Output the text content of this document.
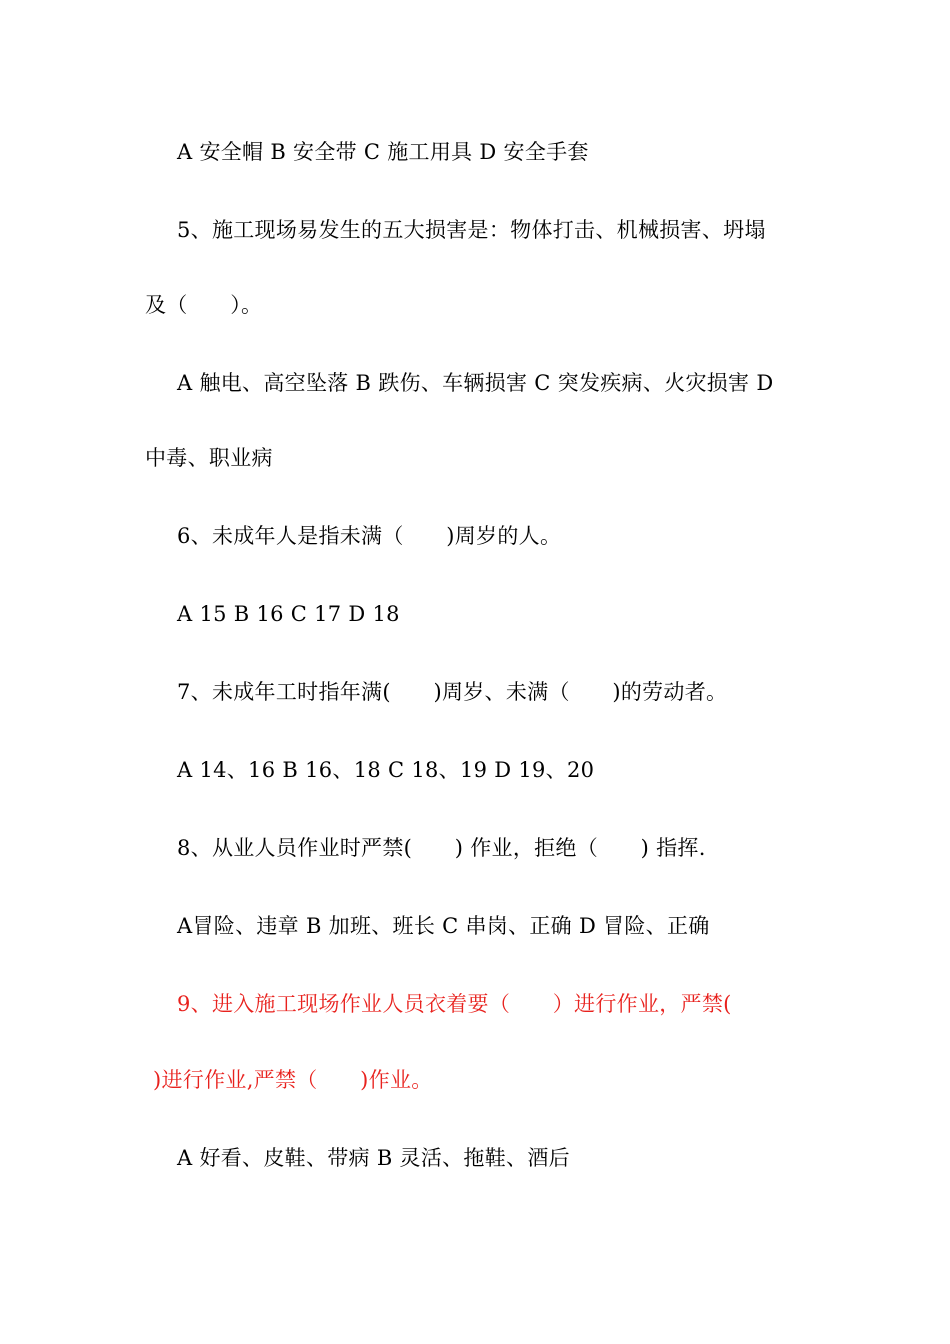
A 安全帽 B 安全带 C 施工用具 D 安全手套
5、施工现场易发生的五大损害是：物体打击、机械损害、坍塌
及（　　）。
A 触电、高空坠落 B 跌伤、车辆损害 C 突发疾病、火灾损害 D
中毒、职业病
6、未成年人是指未满（　　)周岁的人。
A 15 B 16 C 17 D 18
7、未成年工时指年满(　　)周岁、未满（　　)的劳动者。
A 14、16 B 16、18 C 18、19 D 19、20
8、从业人员作业时严禁(　　) 作业，拒绝（　　) 指挥.
A冒险、违章 B 加班、班长 C 串岗、正确 D 冒险、正确
9、进入施工现场作业人员衣着要（　　）进行作业，严禁(
)进行作业,严禁（　　)作业。
A 好看、皮鞋、带病 B 灵活、拖鞋、酒后
